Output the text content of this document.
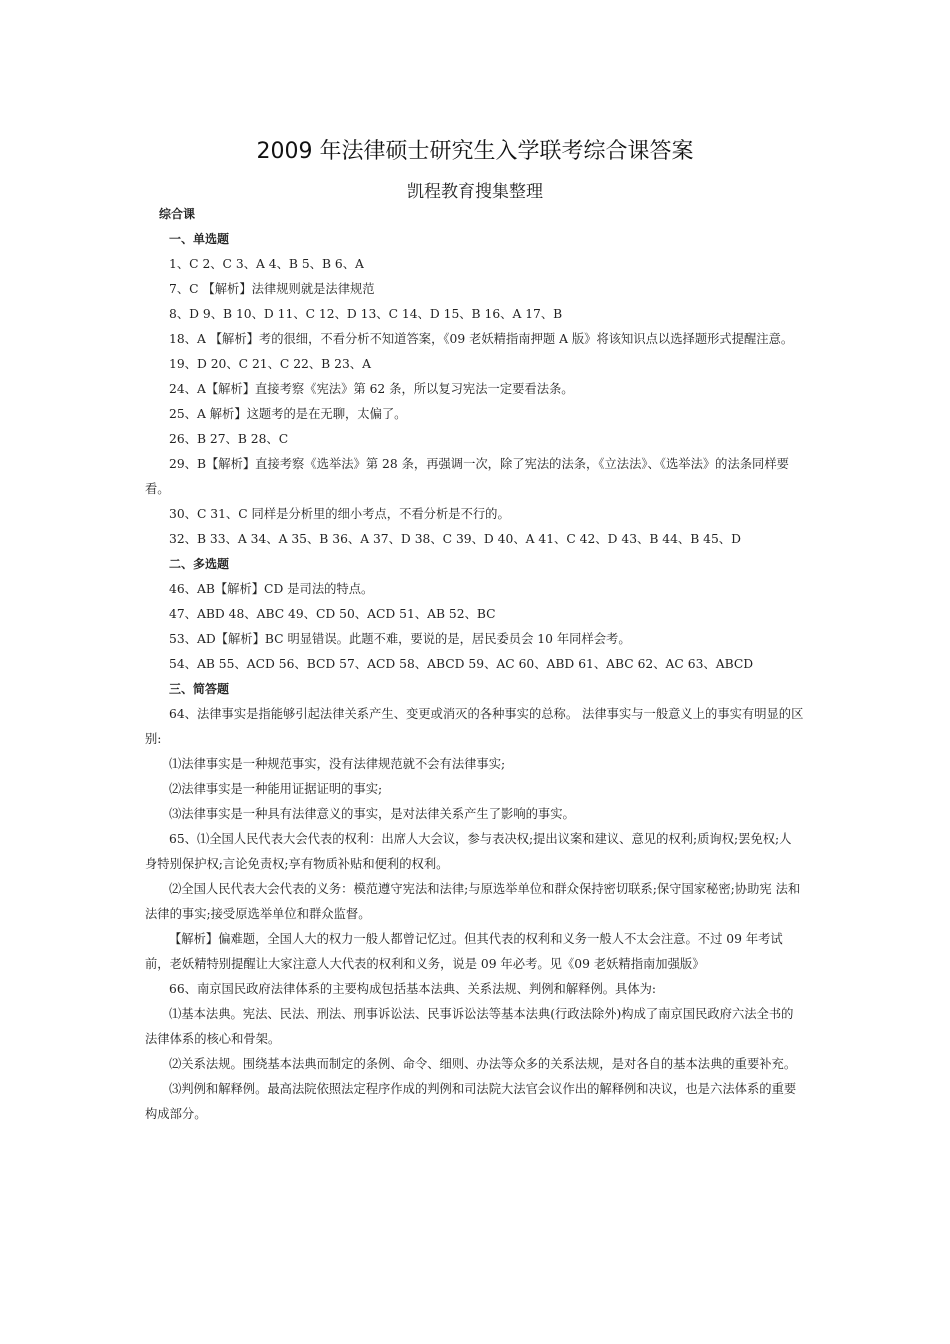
2009 年法律硕士研究生入学联考综合课答案
凯程教育搜集整理

综合课

一、单选题

1、C 2、C 3、A 4、B 5、B 6、A

7、C 【解析】法律规则就是法律规范

8、D 9、B 10、D 11、C 12、D 13、C 14、D 15、B 16、A 17、B

18、A 【解析】考的很细，不看分析不知道答案，《09 老妖精指南押题 A 版》将该知识点以选择题形式提醒注意。

19、D 20、C 21、C 22、B 23、A

24、A【解析】直接考察《宪法》第 62 条，所以复习宪法一定要看法条。

25、A 解析】这题考的是在无聊，太偏了。

26、B 27、B 28、C

29、B【解析】直接考察《选举法》第 28 条，再强调一次，除了宪法的法条，《立法法》、《选举法》的法条同样要看。

30、C 31、C 同样是分析里的细小考点，不看分析是不行的。

32、B 33、A 34、A 35、B 36、A 37、D 38、C 39、D 40、A 41、C 42、D 43、B 44、B 45、D

二、多选题

46、AB【解析】CD 是司法的特点。

47、ABD 48、ABC 49、CD 50、ACD 51、AB 52、BC

53、AD【解析】BC 明显错误。此题不难，要说的是，居民委员会 10 年同样会考。

54、AB 55、ACD 56、BCD 57、ACD 58、ABCD 59、AC 60、ABD 61、ABC 62、AC 63、ABCD

三、简答题

64、法律事实是指能够引起法律关系产生、变更或消灭的各种事实的总称。 法律事实与一般意义上的事实有明显的区别:

⑴法律事实是一种规范事实，没有法律规范就不会有法律事实;

⑵法律事实是一种能用证据证明的事实;

⑶法律事实是一种具有法律意义的事实，是对法律关系产生了影响的事实。

65、⑴全国人民代表大会代表的权利：出席人大会议，参与表决权;提出议案和建议、意见的权利;质询权;罢免权;人 身特别保护权;言论免责权;享有物质补贴和便利的权利。

⑵全国人民代表大会代表的义务：模范遵守宪法和法律;与原选举单位和群众保持密切联系;保守国家秘密;协助宪 法和法律的事实;接受原选举单位和群众监督。

【解析】偏难题，全国人大的权力一般人都曾记忆过。但其代表的权利和义务一般人不太会注意。不过 09 年考试前，老妖精特别提醒让大家注意人大代表的权利和义务，说是 09 年必考。见《09 老妖精指南加强版》

66、南京国民政府法律体系的主要构成包括基本法典、关系法规、判例和解释例。具体为:

⑴基本法典。宪法、民法、刑法、刑事诉讼法、民事诉讼法等基本法典(行政法除外)构成了南京国民政府六法全书的 法律体系的核心和骨架。

⑵关系法规。围绕基本法典而制定的条例、命令、细则、办法等众多的关系法规，是对各自的基本法典的重要补充。

⑶判例和解释例。最高法院依照法定程序作成的判例和司法院大法官会议作出的解释例和决议，也是六法体系的重要 构成部分。
